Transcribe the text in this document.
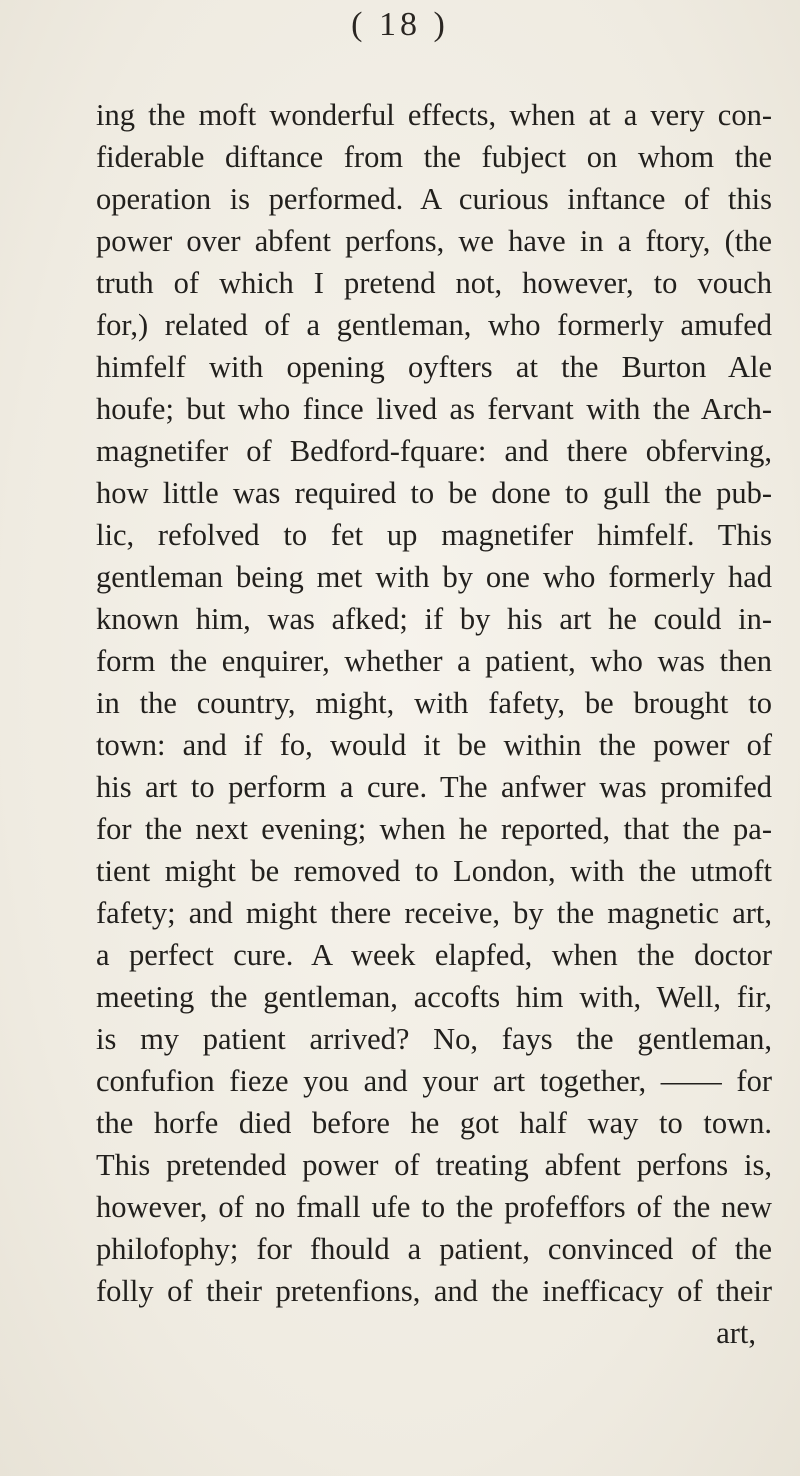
( 18 )
ing the moft wonderful effects, when at a very con-
fiderable diftance from the fubject on whom the
operation is performed. A curious inftance of this
power over abfent perfons, we have in a ftory, (the
truth of which I pretend not, however, to vouch
for,) related of a gentleman, who formerly amufed
himfelf with opening oyfters at the Burton Ale
houfe; but who fince lived as fervant with the Arch-
magnetifer of Bedford-fquare: and there obferving,
how little was required to be done to gull the pub-
lic, refolved to fet up magnetifer himfelf. This
gentleman being met with by one who formerly had
known him, was afked; if by his art he could in-
form the enquirer, whether a patient, who was then
in the country, might, with fafety, be brought to
town: and if fo, would it be within the power of
his art to perform a cure. The anfwer was promifed
for the next evening; when he reported, that the pa-
tient might be removed to London, with the utmoft
fafety; and might there receive, by the magnetic art,
a perfect cure. A week elapfed, when the doctor
meeting the gentleman, accofts him with, Well, fir,
is my patient arrived? No, fays the gentleman,
confufion fieze you and your art together, —— for
the horfe died before he got half way to town.
This pretended power of treating abfent perfons is,
however, of no fmall ufe to the profeffors of the new
philofophy; for fhould a patient, convinced of the
folly of their pretenfions, and the inefficacy of their
art,
